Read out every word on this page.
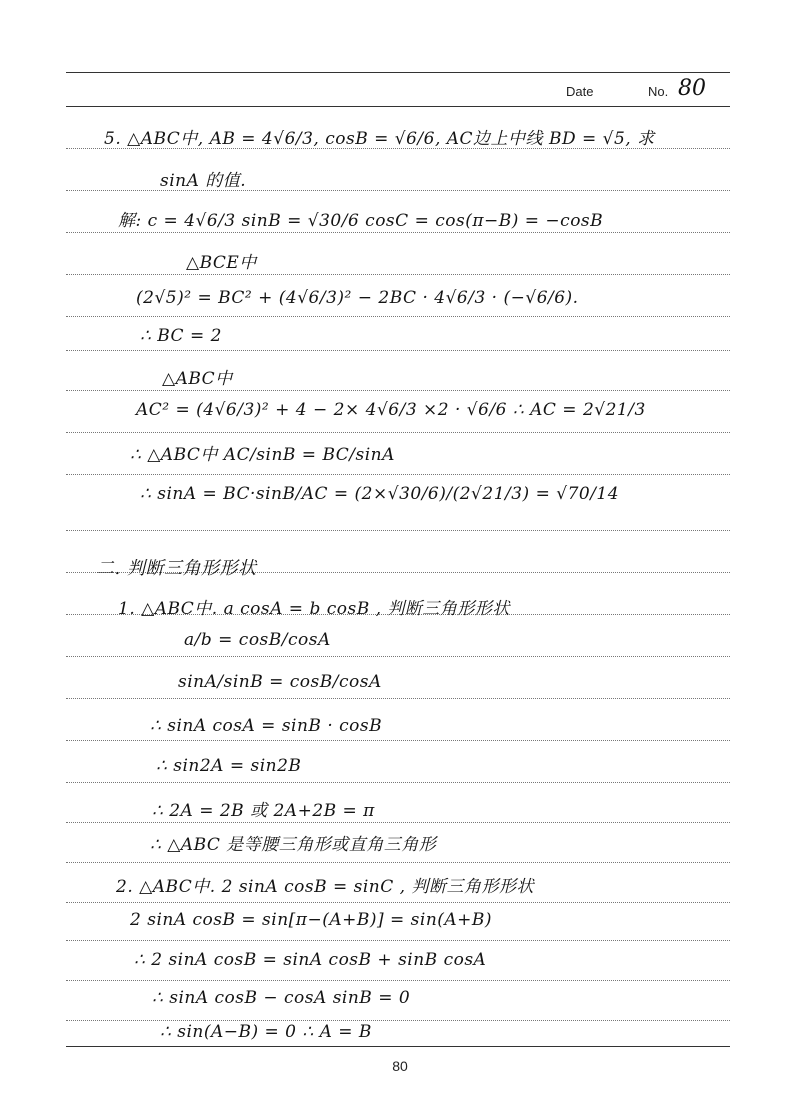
Date	No. 80
5. △ABC中, AB = 4√6/3, cosB = √6/6, AC边上中线 BD = √5, 求
sinA 的值.
解: c = 4√6/3 sinB = √30/6 cosC = cos(π−B) = −cosB
△BCE中
(2√5)² = BC² + (4√6/3)² − 2BC · 4√6/3 · (−√6/6).
∴ BC = 2
△ABC中
AC² = (4√6/3)² + 4 − 2× 4√6/3 ×2 · √6/6 ∴ AC = 2√21/3
∴ △ABC中 AC/sinB = BC/sinA
∴ sinA = BC·sinB/AC = (2×√30/6)/(2√21/3) = √70/14
二. 判断三角形形状
1. △ABC中. a cosA = b cosB , 判断三角形形状
a/b = cosB/cosA
sinA/sinB = cosB/cosA
∴ sinA cosA = sinB · cosB
∴ sin2A = sin2B
∴ 2A = 2B 或 2A+2B = π
∴ △ABC 是等腰三角形或直角三角形
2. △ABC中. 2 sinA cosB = sinC , 判断三角形形状
2 sinA cosB = sin[π−(A+B)] = sin(A+B)
∴ 2 sinA cosB = sinA cosB + sinB cosA
∴ sinA cosB − cosA sinB = 0
∴ sin(A−B) = 0 ∴ A = B
80
